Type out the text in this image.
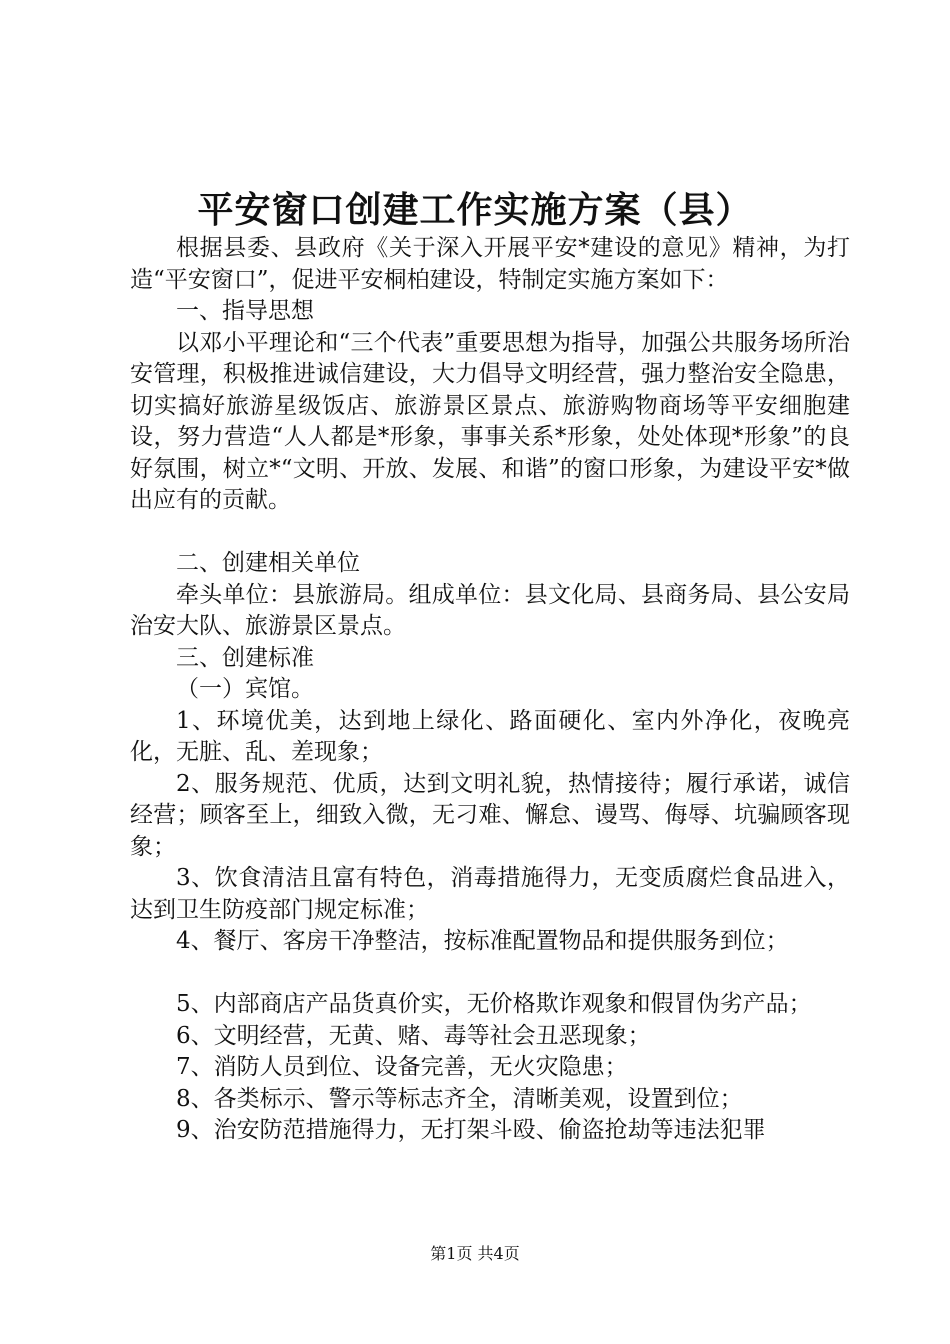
平安窗口创建工作实施方案（县）

根据县委、县政府《关于深入开展平安*建设的意见》精神，为打造“平安窗口”，促进平安桐柏建设，特制定实施方案如下：

一、指导思想

以邓小平理论和“三个代表”重要思想为指导，加强公共服务场所治安管理，积极推进诚信建设，大力倡导文明经营，强力整治安全隐患，切实搞好旅游星级饭店、旅游景区景点、旅游购物商场等平安细胞建设，努力营造“人人都是*形象，事事关系*形象，处处体现*形象”的良好氛围，树立*“文明、开放、发展、和谐”的窗口形象，为建设平安*做出应有的贡献。

二、创建相关单位

牵头单位：县旅游局。组成单位：县文化局、县商务局、县公安局治安大队、旅游景区景点。

三、创建标准

（一）宾馆。

1、环境优美，达到地上绿化、路面硬化、室内外净化，夜晚亮化，无脏、乱、差现象；

2、服务规范、优质，达到文明礼貌，热情接待；履行承诺，诚信经营；顾客至上，细致入微，无刁难、懈怠、谩骂、侮辱、坑骗顾客现象；

3、饮食清洁且富有特色，消毒措施得力，无变质腐烂食品进入，达到卫生防疫部门规定标准；

4、餐厅、客房干净整洁，按标准配置物品和提供服务到位；

5、内部商店产品货真价实，无价格欺诈观象和假冒伪劣产品；

6、文明经营，无黄、赌、毒等社会丑恶现象；

7、消防人员到位、设备完善，无火灾隐患；

8、各类标示、警示等标志齐全，清晰美观，设置到位；

9、治安防范措施得力，无打架斗殴、偷盗抢劫等违法犯罪

第1页 共4页
